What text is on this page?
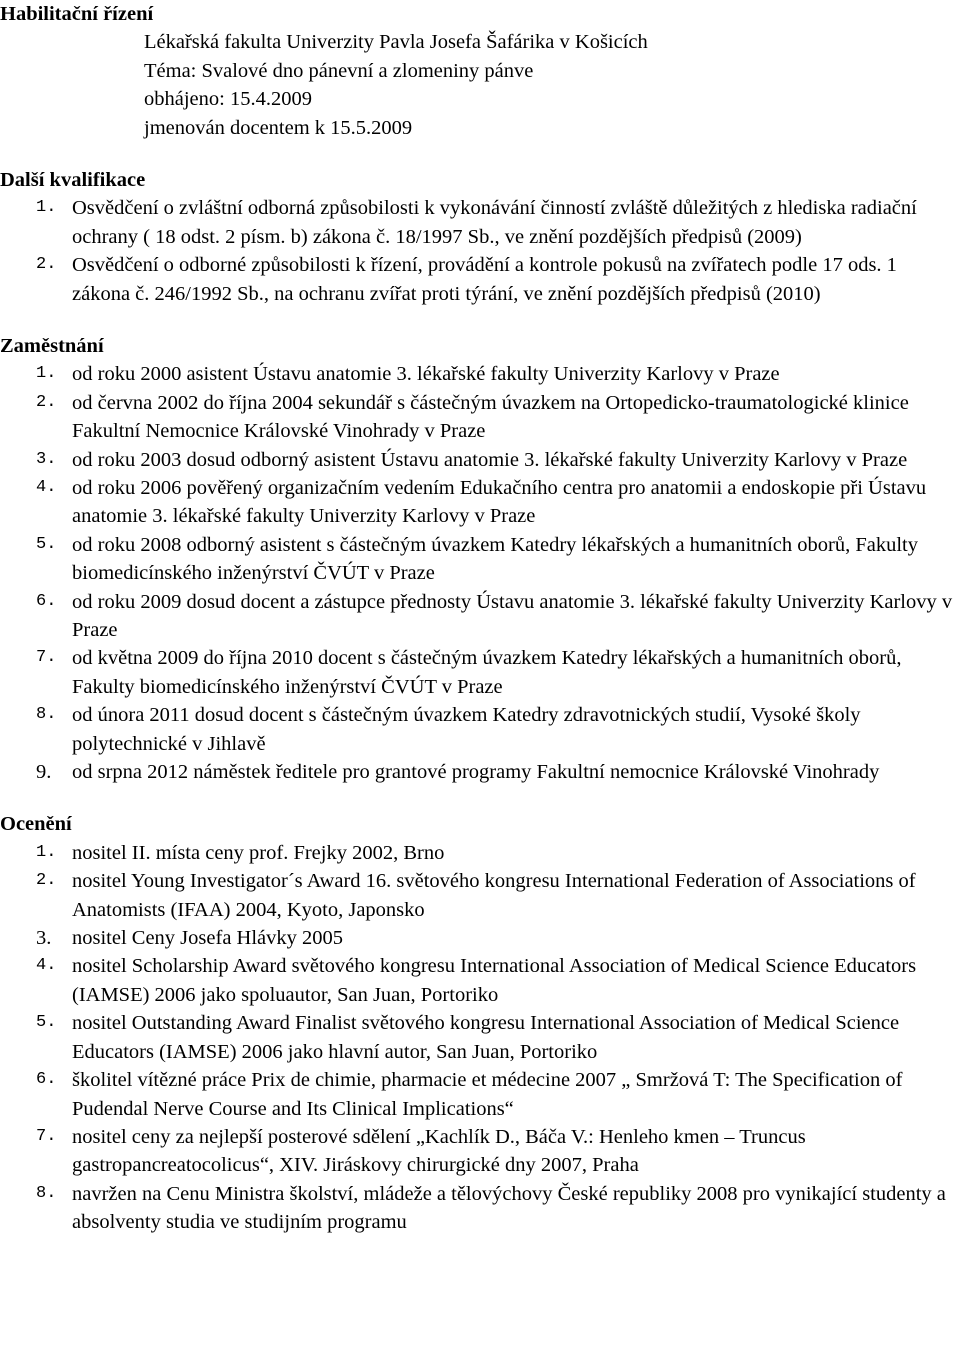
Habilitační řízení
Lékařská fakulta Univerzity Pavla Josefa Šafárika v Košicích
Téma: Svalové dno pánevní a zlomeniny pánve
obhájeno: 15.4.2009
jmenován docentem k 15.5.2009
Další kvalifikace
1. Osvědčení o zvláštní odborná způsobilosti k vykonávání činností zvláště důležitých z hlediska radiační ochrany ( 18 odst. 2 písm. b) zákona č. 18/1997 Sb., ve znění pozdějších předpisů (2009)
2. Osvědčení o odborné způsobilosti k řízení, provádění a kontrole pokusů na zvířatech podle 17 ods. 1 zákona č. 246/1992 Sb., na ochranu zvířat proti týrání, ve znění pozdějších předpisů (2010)
Zaměstnání
1. od roku 2000 asistent Ústavu anatomie 3. lékařské fakulty Univerzity Karlovy v Praze
2. od června 2002 do října 2004 sekundář s částečným úvazkem na Ortopedicko-traumatologické klinice Fakultní Nemocnice Královské Vinohrady v Praze
3. od roku 2003 dosud odborný asistent Ústavu anatomie 3. lékařské fakulty Univerzity Karlovy v Praze
4. od roku 2006 pověřený organizačním vedením Edukačního centra pro anatomii a endoskopie při Ústavu anatomie 3. lékařské fakulty Univerzity Karlovy v Praze
5. od roku 2008 odborný asistent s částečným úvazkem Katedry lékařských a humanitních oborů, Fakulty biomedicínského inženýrství ČVÚT v Praze
6. od roku 2009 dosud docent a zástupce přednosty Ústavu anatomie 3. lékařské fakulty Univerzity Karlovy v Praze
7. od května 2009 do října 2010 docent s částečným úvazkem Katedry lékařských a humanitních oborů, Fakulty biomedicínského inženýrství ČVÚT v Praze
8. od února 2011 dosud docent s částečným úvazkem Katedry zdravotnických studií, Vysoké školy polytechnické v Jihlavě
9. od srpna 2012 náměstek ředitele pro grantové programy Fakultní nemocnice Královské Vinohrady
Ocenění
1. nositel II. místa ceny prof. Frejky 2002, Brno
2. nositel Young Investigator´s Award 16. světového kongresu International Federation of Associations of Anatomists (IFAA) 2004, Kyoto, Japonsko
3. nositel Ceny Josefa Hlávky 2005
4. nositel Scholarship Award světového kongresu International Association of Medical Science Educators (IAMSE) 2006 jako spoluautor, San Juan, Portoriko
5. nositel Outstanding Award Finalist světového kongresu International Association of Medical Science Educators (IAMSE) 2006 jako hlavní autor, San Juan, Portoriko
6. školitel vítězné práce Prix de chimie, pharmacie et médecine 2007 „ Smržová T: The Specification of Pudendal Nerve Course and Its Clinical Implications“
7. nositel ceny za nejlepší posterové sdělení „Kachlík D., Báča V.: Henleho kmen – Truncus gastropancreatocolicus“, XIV. Jiráskovy chirurgické dny 2007, Praha
8. navržen na Cenu Ministra školství, mládeže a tělovýchovy České republiky 2008 pro vynikající studenty a absolventy studia ve studijním programu
